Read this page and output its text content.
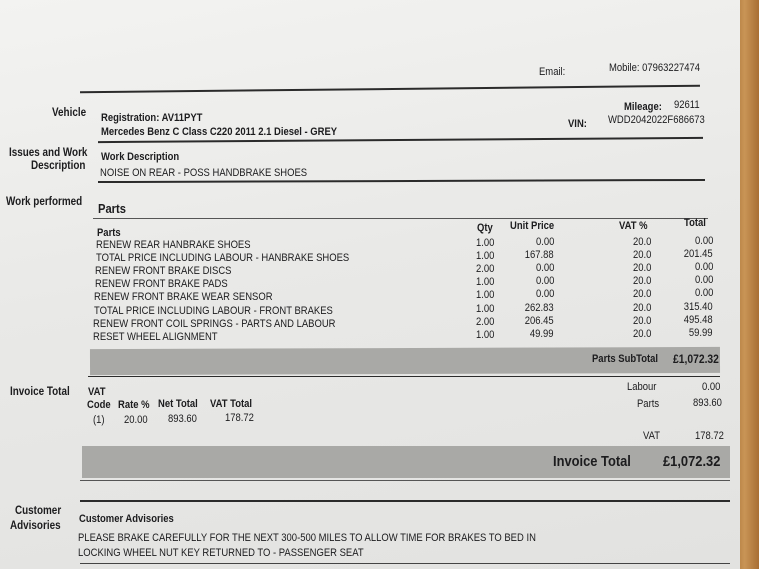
Email:	Mobile: 07963227474
Vehicle Registration: AV11PYT
Mercedes Benz C Class C220 2011 2.1 Diesel - GREY
Mileage: 92611
VIN: WDD2042022F686673
Issues and Work
Description
Work Description
NOISE ON REAR - POSS HANDBRAKE SHOES
Work performed Parts
Parts	Qty Unit Price	VAT %	Total
Parts SubTotal £1,072.32
Invoice Total VAT
Code Rate % Net Total VAT Total
(1) 20.00 893.60	178.72
Labour	0.00
Parts	893.60
VAT	178.72
Invoice Total £1,072.32
Customer
Advisories
Customer Advisories
PLEASE BRAKE CAREFULLY FOR THE NEXT 300-500 MILES TO ALLOW TIME FOR BRAKES TO BED IN
LOCKING WHEEL NUT KEY RETURNED TO - PASSENGER SEAT
RENEW REAR HANBRAKE SHOES	1.00	0.00	20.0	0.00
TOTAL PRICE INCLUDING LABOUR - HANBRAKE SHOES	1.00	167.88	20.0	201.45
RENEW FRONT BRAKE DISCS	2.00	0.00	20.0	0.00
RENEW FRONT BRAKE PADS	1.00	0.00	20.0	0.00
RENEW FRONT BRAKE WEAR SENSOR	1.00	0.00	20.0	0.00
TOTAL PRICE INCLUDING LABOUR - FRONT BRAKES	1.00	262.83	20.0	315.40
RENEW FRONT COIL SPRINGS - PARTS AND LABOUR	2.00	206.45	20.0	495.48
RESET WHEEL ALIGNMENT	1.00	49.99	20.0	59.99
